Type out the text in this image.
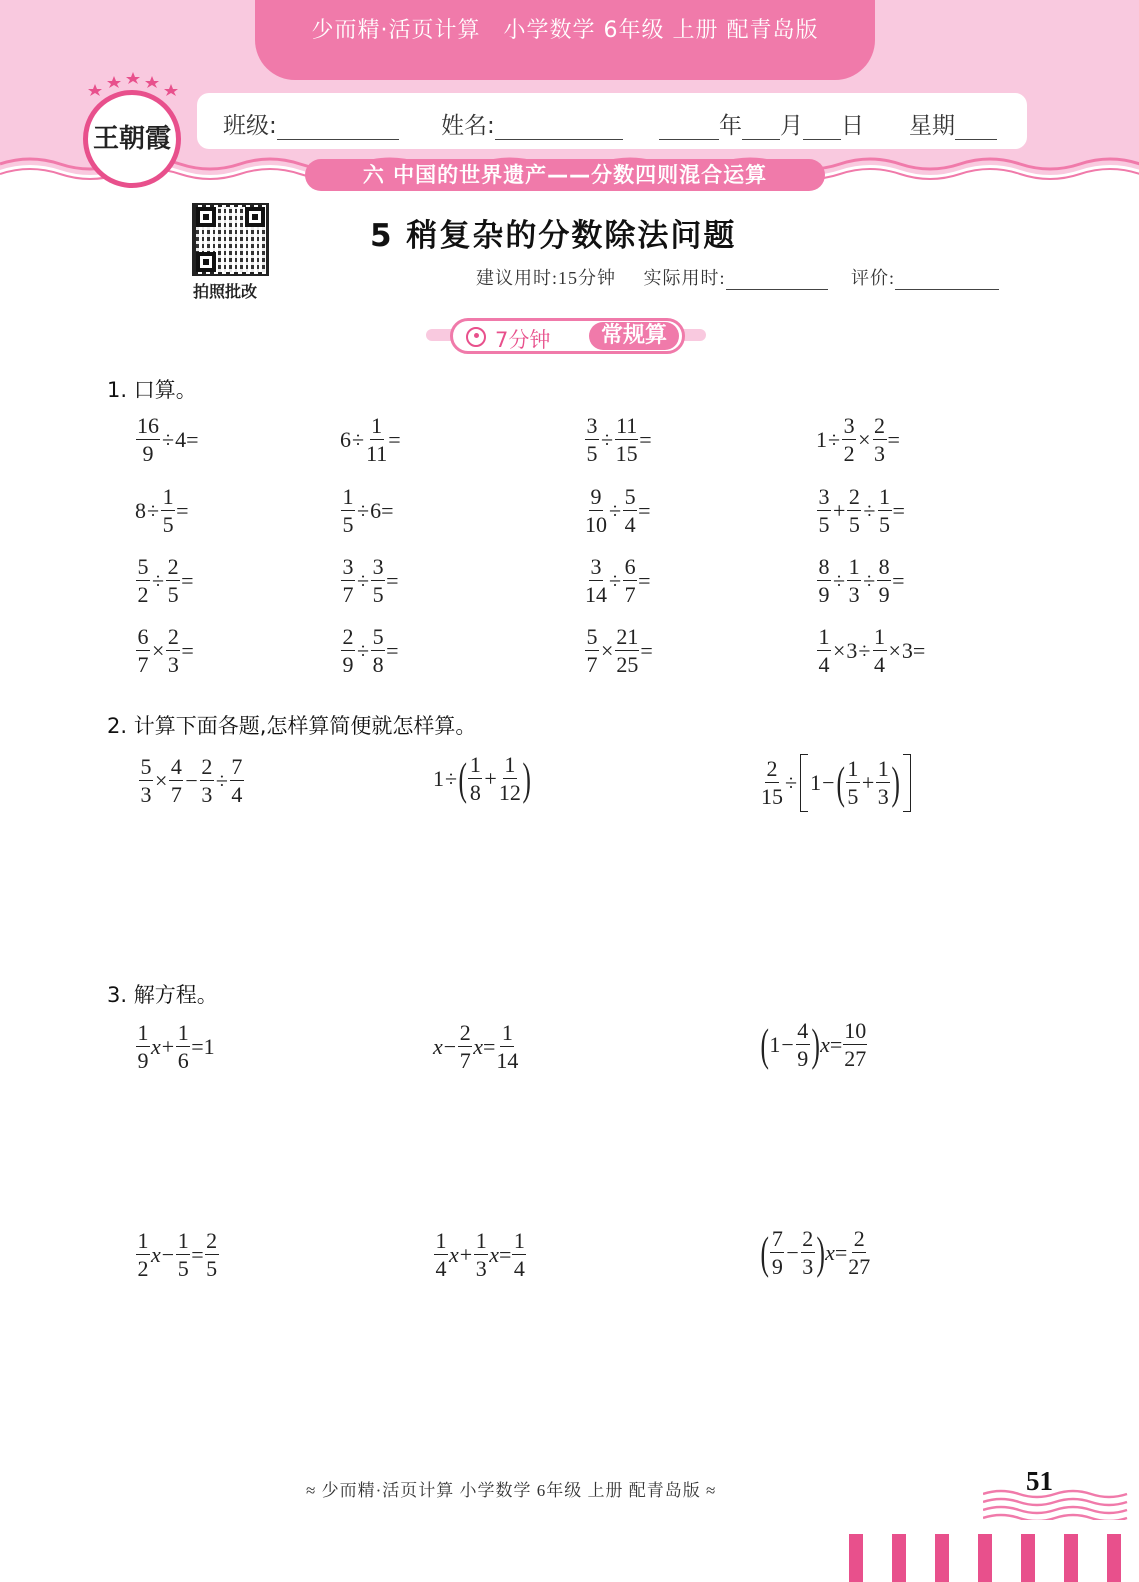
少而精·活页计算　小学数学 6年级 上册 配青岛版
班级:	姓名:	年 月 日 星期
六 中国的世界遗产——分数四则混合运算
王朝霞
拍照批改
5 稍复杂的分数除法问题
建议用时:15分钟 实际用时:	评价:
7分钟	常规算
1. 口算。
$\frac{16}{9} \div 4$ =	$6 \div \frac{1}{11}$ =	$\frac{3}{5} \div \frac{11}{15}$ =	$1 \div \frac{3}{2} \times \frac{2}{3}$ =
$8 \div \frac{1}{5}$ =	$\frac{1}{5} \div 6$ =	$\frac{9}{10} \div \frac{5}{4}$ =	$\frac{3}{5} + \frac{2}{5} \div \frac{1}{5}$ =
$\frac{5}{2} \div \frac{2}{5}$ =	$\frac{3}{7} \div \frac{3}{5}$ =	$\frac{3}{14} \div \frac{6}{7}$ =	$\frac{8}{9} \div \frac{1}{3} \div \frac{8}{9}$ =
$\frac{6}{7} \times \frac{2}{3}$ =	$\frac{2}{9} \div \frac{5}{8}$ =	$\frac{5}{7} \times \frac{21}{25}$ =	$\frac{1}{4} \times 3 \div \frac{1}{4} \times 3$ =
2. 计算下面各题,怎样算简便就怎样算。
$\frac{5}{3} \times \frac{4}{7} - \frac{2}{3} \div \frac{7}{4}$	1 ÷ ( $\frac{1}{8} + \frac{1}{12}$ )	$\frac{2}{15} \div 1$ − ( $\frac{1}{5} + \frac{1}{3}$ )
3. 解方程。
$\frac{1}{9}$ $x + \frac{1}{6} = 1$	$x - \frac{2}{7}$ $x = \frac{1}{14}$	( $1 - \frac{4}{9}$ ) $x = \frac{10}{27}$
$\frac{1}{2}$ $x - \frac{1}{5} = \frac{2}{5}$	$\frac{1}{4}$ $x + \frac{1}{3}$ $x = \frac{1}{4}$	( $\frac{7}{9} - \frac{2}{3}$ ) $x = \frac{2}{27}$
≈ 少而精·活页计算 小学数学 6年级 上册 配青岛版 ≈	51
